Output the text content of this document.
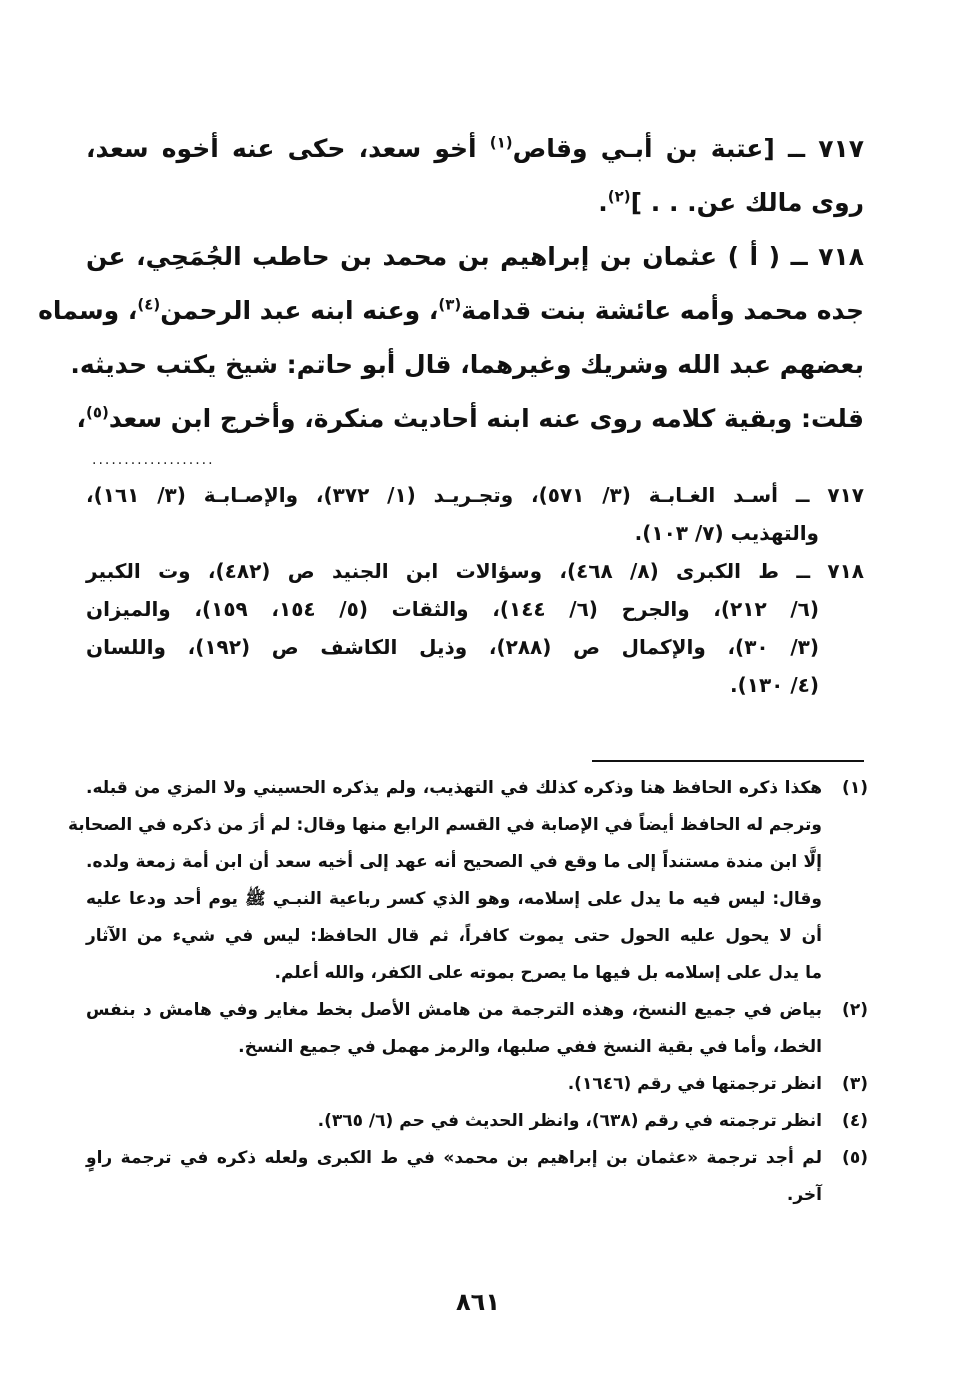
٧١٧ ــ [عتبة بن أبـي وقاص$^{(١)}$ أخو سعد، حكى عنه أخوه سعد،
روى مالك عن. . . ]$^{(٢)}$.
٧١٨ ــ ( أ ) عثمان بن إبراهيم بن محمد بن حاطب الجُمَحِي، عن
جده محمد وأمه عائشة بنت قدامة$^{(٣)}$، وعنه ابنه عبد الرحمن$^{(٤)}$، وسماه
بعضهم عبد الله وشريك وغيرهما، قال أبو حاتم: شيخ يكتب حديثه.
قلت: وبقية كلامه روى عنه ابنه أحاديث منكرة، وأخرج ابن سعد$^{(٥)}$،
...................
٧١٧ ــ أسـد الغـابـة (٣/ ٥٧١)، وتجـريـد (١/ ٣٧٢)، والإصـابـة (٣/ ١٦١)،
والتهذيب (٧/ ١٠٣).
٧١٨ ــ ط الكبرى (٨/ ٤٦٨)، وسؤالات ابن الجنيد ص (٤٨٢)، وت الكبير
(٦/ ٢١٢)، والجرح (٦/ ١٤٤)، والثقات (٥/ ١٥٤، ١٥٩)، والميزان
(٣/ ٣٠)، والإكمال ص (٢٨٨)، وذيل الكاشف ص (١٩٢)، واللسان
(٤/ ١٣٠).
(١)هكذا ذكره الحافظ هنا وذكره كذلك في التهذيب، ولم يذكره الحسيني ولا المزي من قبله.
وترجم له الحافظ أيضاً في الإصابة في القسم الرابع منها وقال: لم أرَ من ذكره في الصحابة
إلَّا ابن مندة مستنداً إلى ما وقع في الصحيح أنه عهد إلى أخيه سعد أن ابن أمة زمعة ولده.
وقال: ليس فيه ما يدل على إسلامه، وهو الذي كسر رباعية النبـي ﷺ يوم أحد ودعا عليه
أن لا يحول عليه الحول حتى يموت كافراً، ثم قال الحافظ: ليس في شيء من الآثار
ما يدل على إسلامه بل فيها ما يصرح بموته على الكفر، والله أعلم.
(٢)بياض في جميع النسخ، وهذه الترجمة من هامش الأصل بخط مغاير وفي هامش د بنفس
الخط، وأما في بقية النسخ ففي صلبها، والرمز مهمل في جميع النسخ.
(٣)انظر ترجمتها في رقم (١٦٤٦).
(٤)انظر ترجمته في رقم (٦٣٨)، وانظر الحديث في حم (٦/ ٣٦٥).
(٥)لم أجد ترجمة «عثمان بن إبراهيم بن محمد» في ط الكبرى ولعله ذكره في ترجمة راوٍ
آخر.
٨٦١
